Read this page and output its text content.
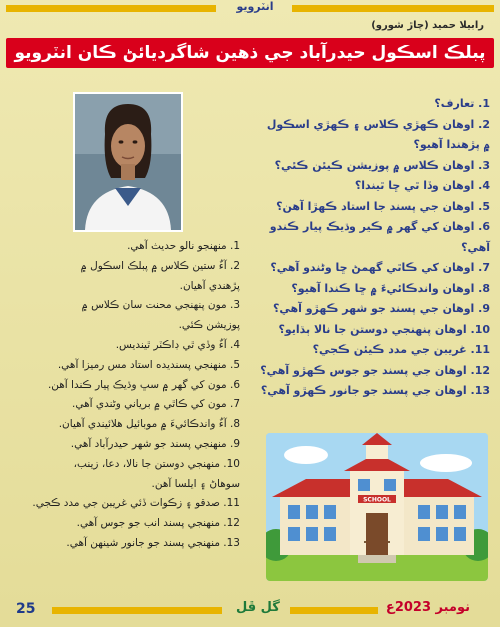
انٽرويو
رابيلا حميد (چاڙ شورو)
پبلڪ اسڪول حيدرآباد جي ذهين شاگرديائڻ ڪان انٽرويو
1. تعارف؟
2. اوهان ڪهڙي ڪلاس ۽ ڪهڙي اسڪول
۾ پڙهندا آهيو؟
3. اوهان ڪلاس ۾ پوزيشن ڪيئن ڪئي؟
4. اوهان وڏا ٿي ڇا ٿيندا؟
5. اوهان جي پسند جا استاد ڪهڙا آهن؟
6. اوهان کي گهر ۾ ڪير وڌيڪ پيار ڪندو
آهي؟
7. اوهان کي ڪاٿي گهمڻ ڇا وڻندو آهي؟
8. اوهان واندڪائيءَ ۾ ڇا ڪندا آهيو؟
9. اوهان جي پسند جو شهر ڪهڙو آهي؟
10. اوهان پنهنجي دوستن جا نالا ٻڌايو؟
11. غريبن جي مدد ڪيئن ڪجي؟
12. اوهان جي پسند جو جوس ڪهڙو آهي؟
13. اوهان جي پسند جو جانور ڪهڙو آهي؟
1. منهنجو نالو حديث آهي.
2. آءٌ ستين ڪلاس ۾ پبلڪ اسڪول ۾
پڙهندي آهيان.
3. مون پنهنجي محنت سان ڪلاس ۾
پوزيشن ڪئي.
4. آءٌ وڏي ٿي ڊاڪٽر ٿينديس.
5. منهنجي پسنديده استاد مس رميزا آهي.
6. مون کي گهر ۾ سڀ وڌيڪ پيار ڪندا آهن.
7. مون کي ڪاٿي ۾ برياني وڻندي آهي.
8. آءٌ واندڪائيءَ ۾ موبائيل هلائيندي آهيان.
9. منهنجي پسند جو شهر حيدرآباد آهي.
10. منهنجي دوستن جا نالا، دعا، زينب،
سوهاڻ ۽ ايلسا آهن.
11. صدقو ۽ زڪوات ڏئي غريبن جي مدد ڪجي.
12. منهنجي پسند انب جو جوس آهي.
13. منهنجي پسند جو جانور شينهن آهي.
SCHOOL
25	گل ڦل	نومبر 2023ع
